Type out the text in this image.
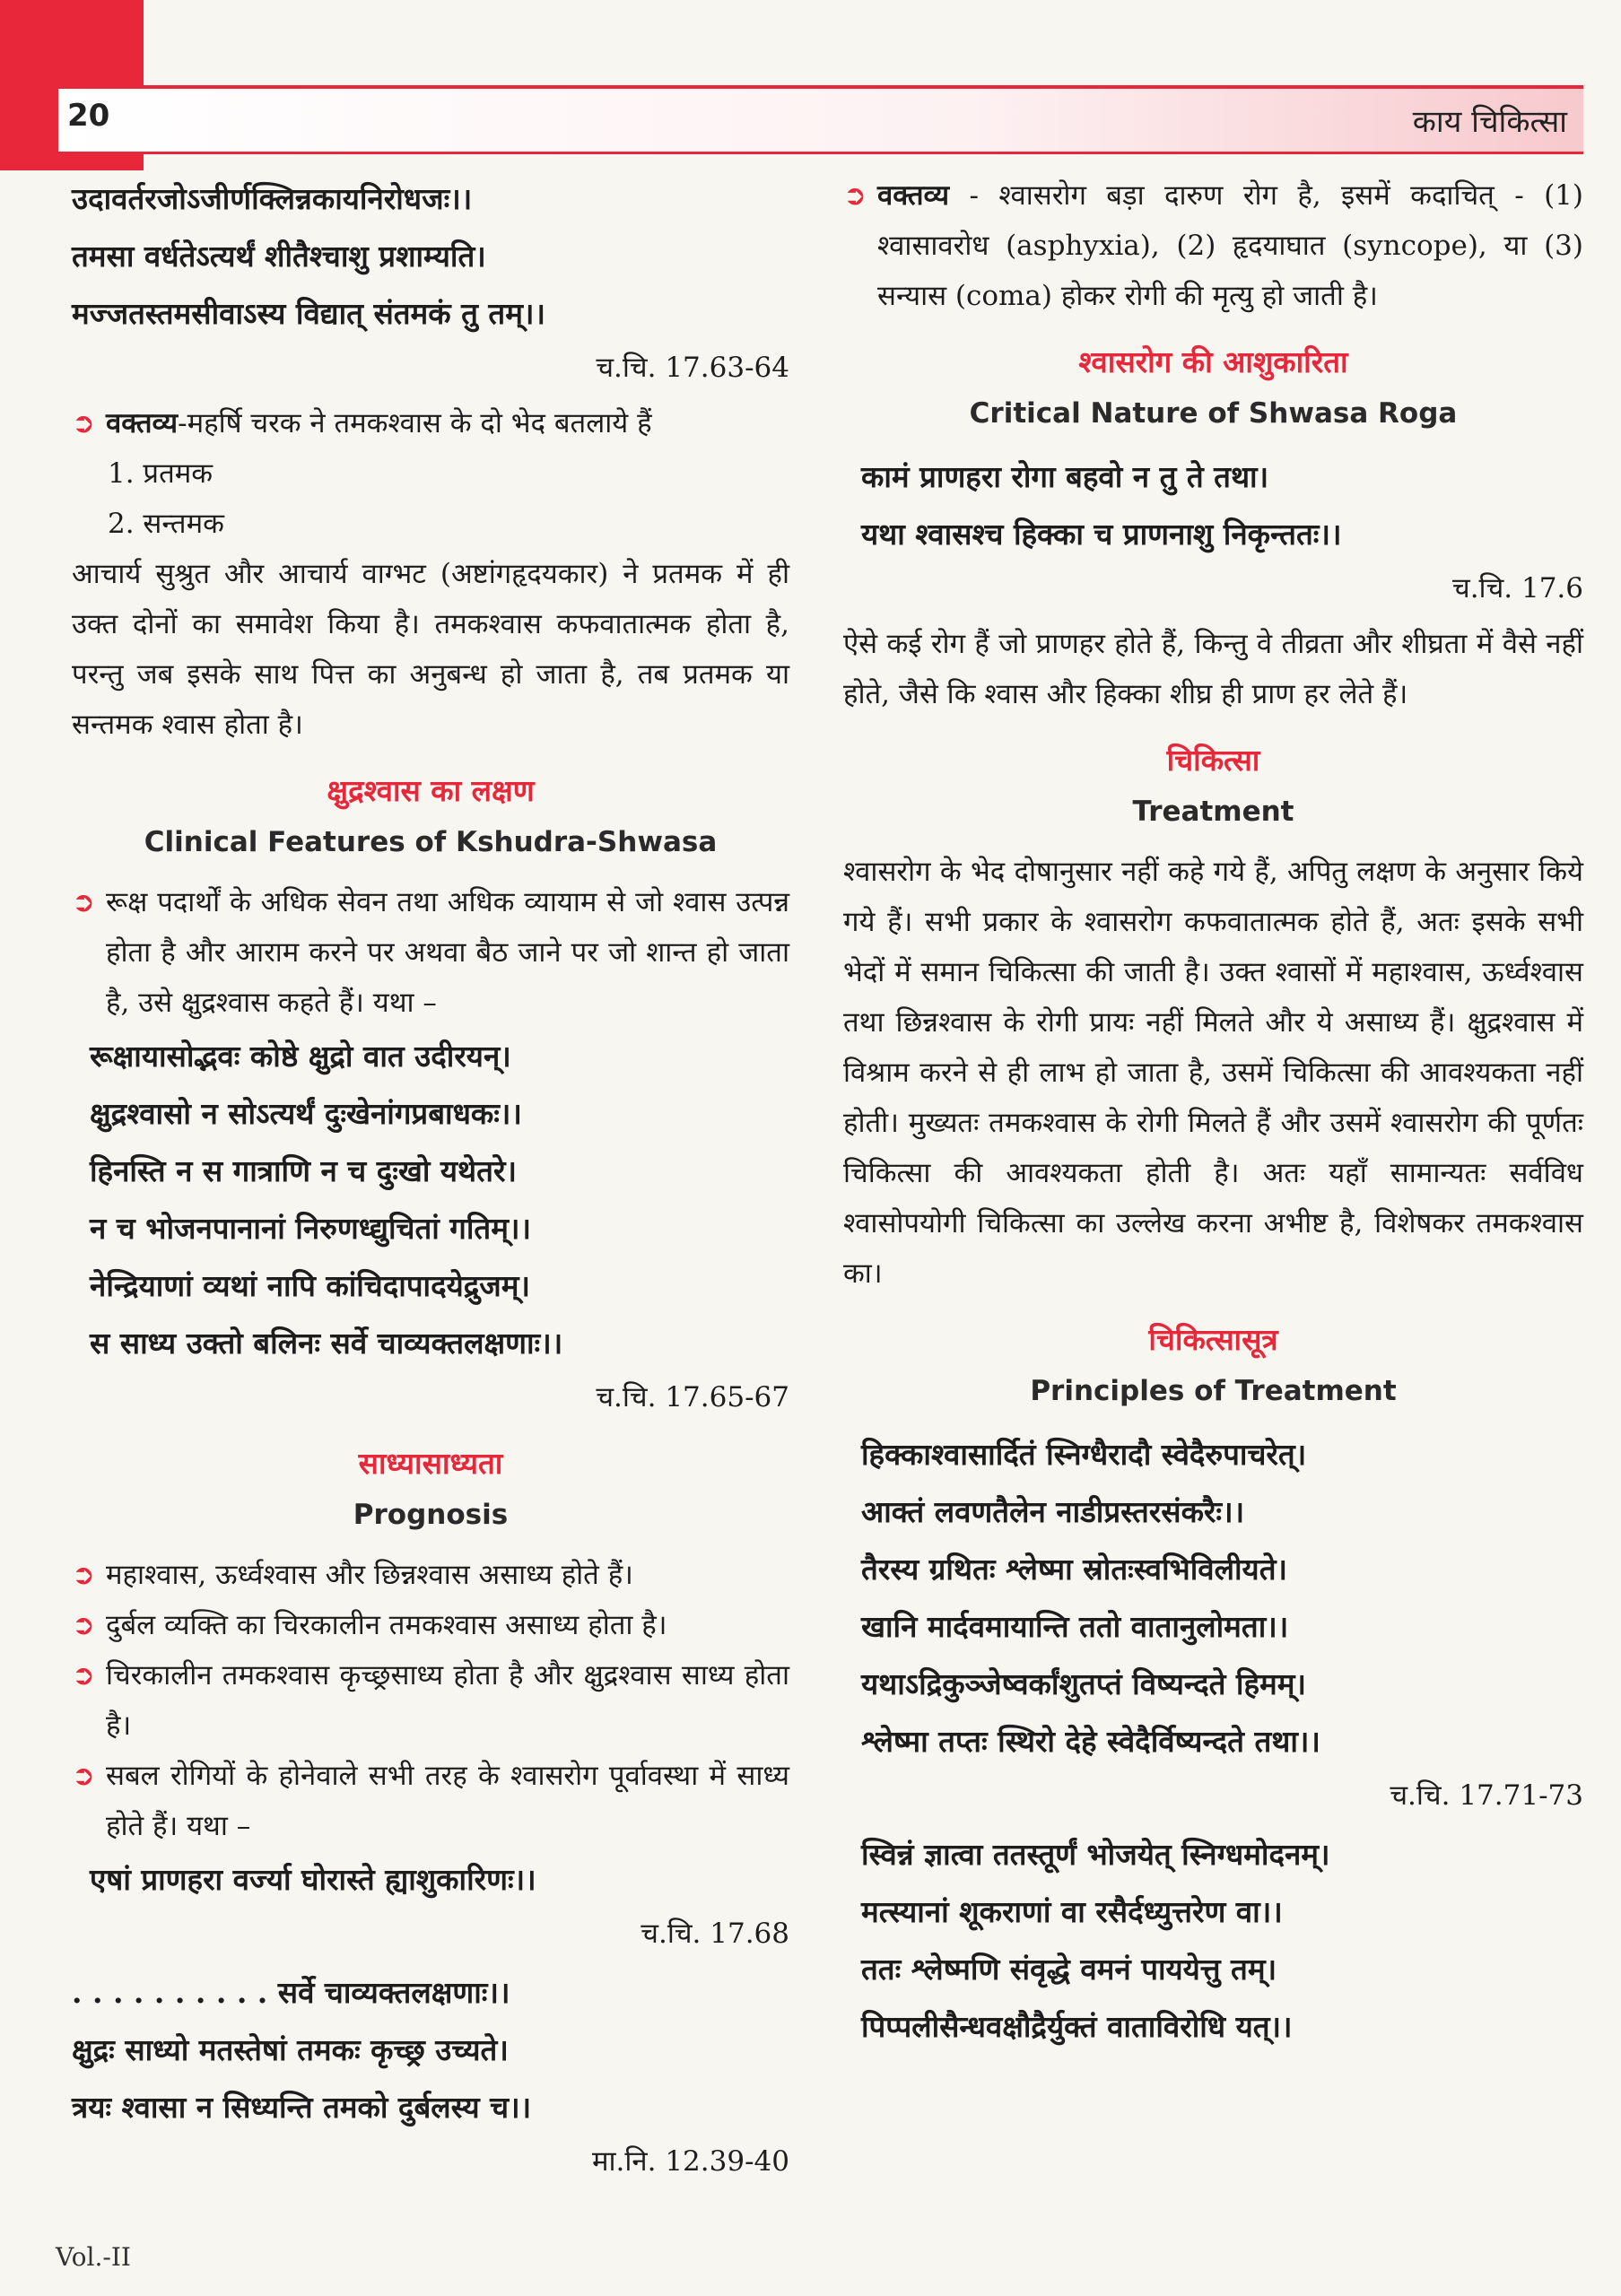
20	काय चिकित्सा
उदावर्तरजोऽजीर्णक्लिन्नकायनिरोधजः।।
तमसा वर्धतेऽत्यर्थं शीतैश्चाशु प्रशाम्यति।
मज्जतस्तमसीवाऽस्य विद्यात् संतमकं तु तम्।।
च.चि. 17.63-64
➲ वक्तव्य-महर्षि चरक ने तमकश्वास के दो भेद बतलाये हैं
1. प्रतमक
2. सन्तमक
आचार्य सुश्रुत और आचार्य वाग्भट (अष्टांगहृदयकार) ने प्रतमक में ही उक्त दोनों का समावेश किया है। तमकश्वास कफवातात्मक होता है, परन्तु जब इसके साथ पित्त का अनुबन्ध हो जाता है, तब प्रतमक या सन्तमक श्वास होता है।
क्षुद्रश्वास का लक्षण
Clinical Features of Kshudra-Shwasa
➲ रूक्ष पदार्थों के अधिक सेवन तथा अधिक व्यायाम से जो श्वास उत्पन्न होता है और आराम करने पर अथवा बैठ जाने पर जो शान्त हो जाता है, उसे क्षुद्रश्वास कहते हैं। यथा –
रूक्षायासोद्भवः कोष्ठे क्षुद्रो वात उदीरयन्।
क्षुद्रश्वासो न सोऽत्यर्थं दुःखेनांगप्रबाधकः।।
हिनस्ति न स गात्राणि न च दुःखो यथेतरे।
न च भोजनपानानां निरुणध्द्युचितां गतिम्।।
नेन्द्रियाणां व्यथां नापि कांचिदापादयेद्रुजम्।
स साध्य उक्तो बलिनः सर्वे चाव्यक्तलक्षणाः।।
च.चि. 17.65-67
साध्यासाध्यता
Prognosis
➲ महाश्वास, ऊर्ध्वश्वास और छिन्नश्वास असाध्य होते हैं।
➲ दुर्बल व्यक्ति का चिरकालीन तमकश्वास असाध्य होता है।
➲ चिरकालीन तमकश्वास कृच्छ्रसाध्य होता है और क्षुद्रश्वास साध्य होता है।
➲ सबल रोगियों के होनेवाले सभी तरह के श्वासरोग पूर्वावस्था में साध्य होते हैं। यथा –
एषां प्राणहरा वर्ज्या घोरास्ते ह्याशुकारिणः।।
च.चि. 17.68
. . . . . . . . . . सर्वे चाव्यक्तलक्षणाः।।
क्षुद्रः साध्यो मतस्तेषां तमकः कृच्छ्र उच्यते।
त्रयः श्वासा न सिध्यन्ति तमको दुर्बलस्य च।।
मा.नि. 12.39-40
➲ वक्तव्य - श्वासरोग बड़ा दारुण रोग है, इसमें कदाचित् - (1) श्वासावरोध (asphyxia), (2) हृदयाघात (syncope), या (3) सन्यास (coma) होकर रोगी की मृत्यु हो जाती है।
श्वासरोग की आशुकारिता
Critical Nature of Shwasa Roga
कामं प्राणहरा रोगा बहवो न तु ते तथा।
यथा श्वासश्च हिक्का च प्राणनाशु निकृन्ततः।।
च.चि. 17.6
ऐसे कई रोग हैं जो प्राणहर होते हैं, किन्तु वे तीव्रता और शीघ्रता में वैसे नहीं होते, जैसे कि श्वास और हिक्का शीघ्र ही प्राण हर लेते हैं।
चिकित्सा
Treatment
श्वासरोग के भेद दोषानुसार नहीं कहे गये हैं, अपितु लक्षण के अनुसार किये गये हैं। सभी प्रकार के श्वासरोग कफवातात्मक होते हैं, अतः इसके सभी भेदों में समान चिकित्सा की जाती है। उक्त श्वासों में महाश्वास, ऊर्ध्वश्वास तथा छिन्नश्वास के रोगी प्रायः नहीं मिलते और ये असाध्य हैं। क्षुद्रश्वास में विश्राम करने से ही लाभ हो जाता है, उसमें चिकित्सा की आवश्यकता नहीं होती। मुख्यतः तमकश्वास के रोगी मिलते हैं और उसमें श्वासरोग की पूर्णतः चिकित्सा की आवश्यकता होती है। अतः यहाँ सामान्यतः सर्वविध श्वासोपयोगी चिकित्सा का उल्लेख करना अभीष्ट है, विशेषकर तमकश्वास का।
चिकित्सासूत्र
Principles of Treatment
हिक्काश्वासार्दितं स्निग्धैरादौ स्वेदैरुपाचरेत्।
आक्तं लवणतैलेन नाडीप्रस्तरसंकरैः।।
तैरस्य ग्रथितः श्लेष्मा स्रोतःस्वभिविलीयते।
खानि मार्दवमायान्ति ततो वातानुलोमता।।
यथाऽद्रिकुञ्जेष्वर्कांशुतप्तं विष्यन्दते हिमम्।
श्लेष्मा तप्तः स्थिरो देहे स्वेदैर्विष्यन्दते तथा।।
च.चि. 17.71-73
स्विन्नं ज्ञात्वा ततस्तूर्णं भोजयेत् स्निग्धमोदनम्।
मत्स्यानां शूकराणां वा रसैर्दध्युत्तरेण वा।।
ततः श्लेष्मणि संवृद्धे वमनं पाययेत्तु तम्।
पिप्पलीसैन्धवक्षौद्रैर्युक्तं वाताविरोधि यत्।।
Vol.-II
